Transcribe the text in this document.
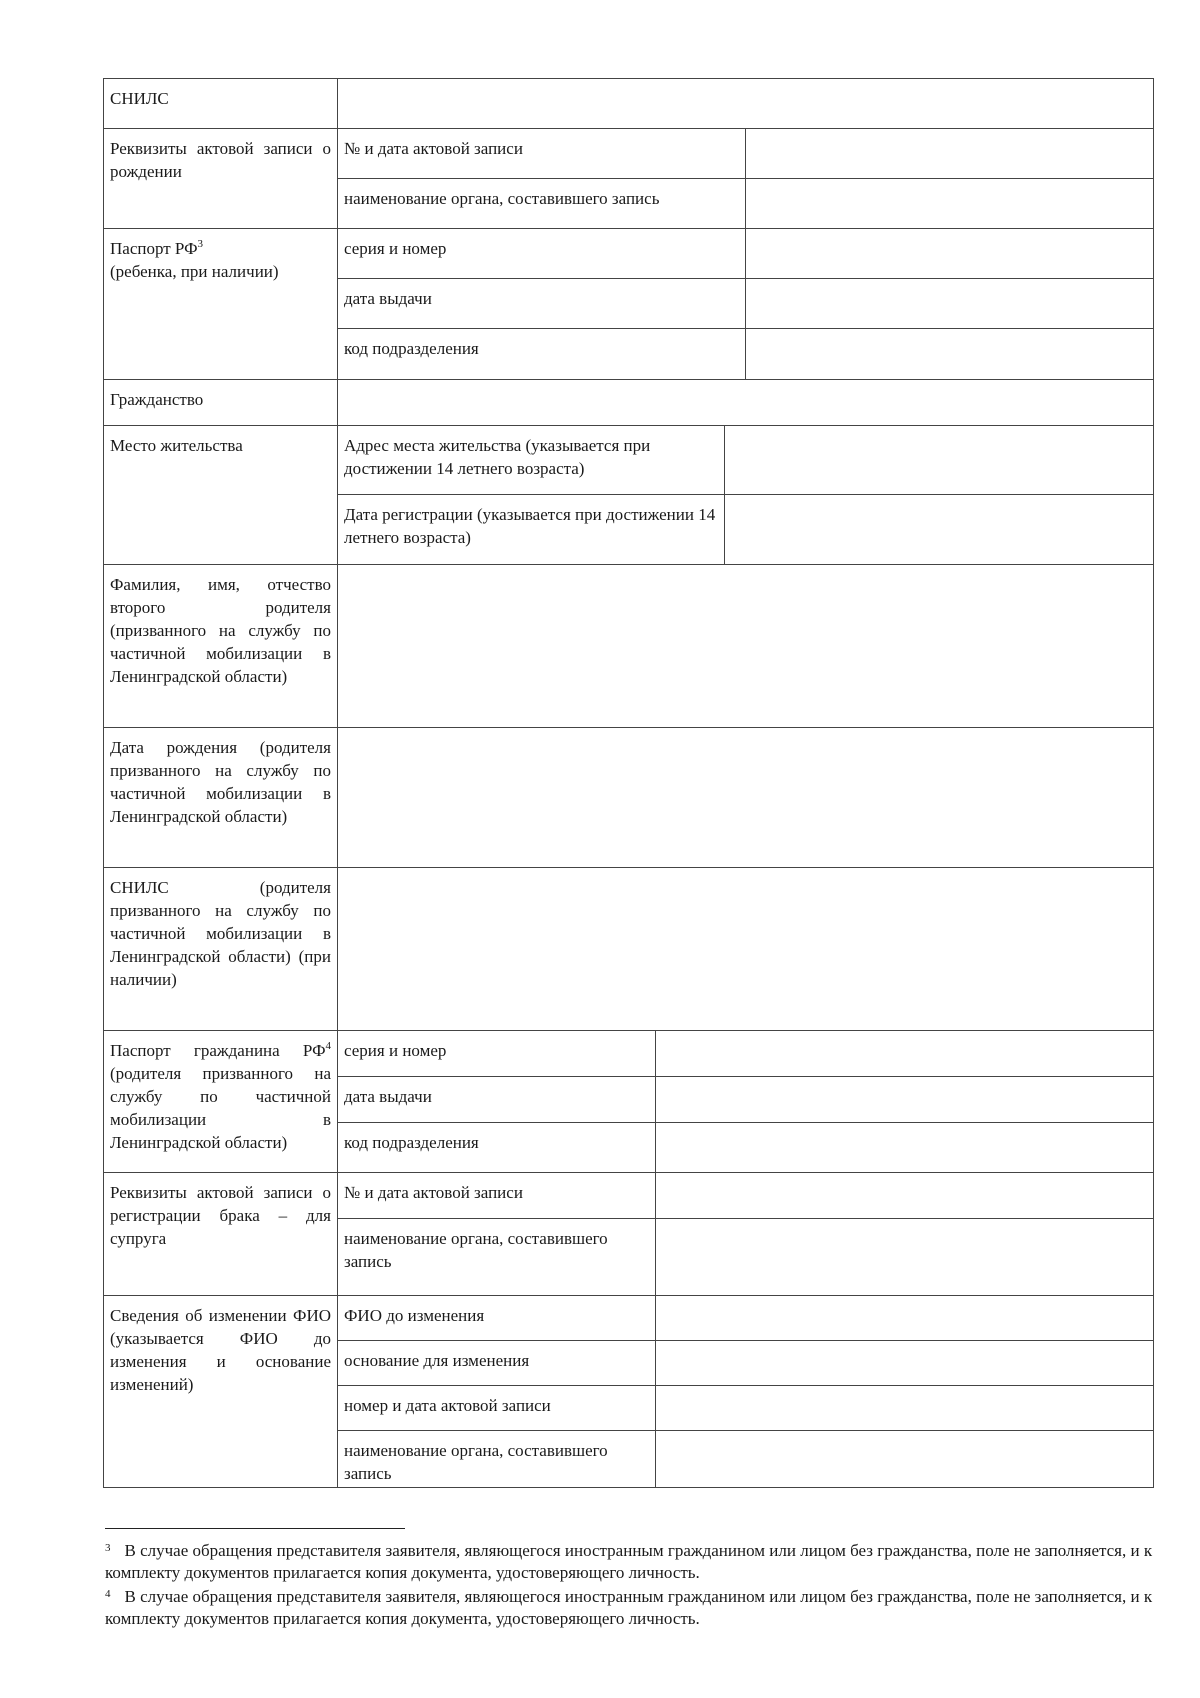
СНИЛС
Реквизиты актовой записи о рождении
№ и дата актовой записи
наименование органа, составившего запись
Паспорт $РФ^3$
(ребенка, при наличии)
серия и номер
дата выдачи
код подразделения
Гражданство
Место жительства	Адрес места жительства (указывается при достижении 14 летнего возраста)
Дата регистрации (указывается при достижении 14 летнего возраста)
Фамилия, имя, отчество второго родителя (призванного на службу по частичной мобилизации в Ленинградской области)
Дата рождения (родителя призванного на службу по частичной мобилизации в Ленинградской области)
СНИЛС (родителя призванного на службу по частичной мобилизации в Ленинградской области) (при наличии)
Паспорт гражданина $РФ^4$ (родителя призванного на службу по частичной мобилизации в Ленинградской области)
серия и номер
дата выдачи
код подразделения
Реквизиты актовой записи о регистрации брака – для супруга
№ и дата актовой записи
наименование органа, составившего запись
Сведения об изменении ФИО (указывается ФИО до изменения и основание изменений)
ФИО до изменения
основание для изменения
номер и дата актовой записи
наименование органа, составившего запись
$^3$ В случае обращения представителя заявителя, являющегося иностранным гражданином или лицом без гражданства, поле не заполняется, и к комплекту документов прилагается копия документа, удостоверяющего личность.
$^4$ В случае обращения представителя заявителя, являющегося иностранным гражданином или лицом без гражданства, поле не заполняется, и к комплекту документов прилагается копия документа, удостоверяющего личность.
